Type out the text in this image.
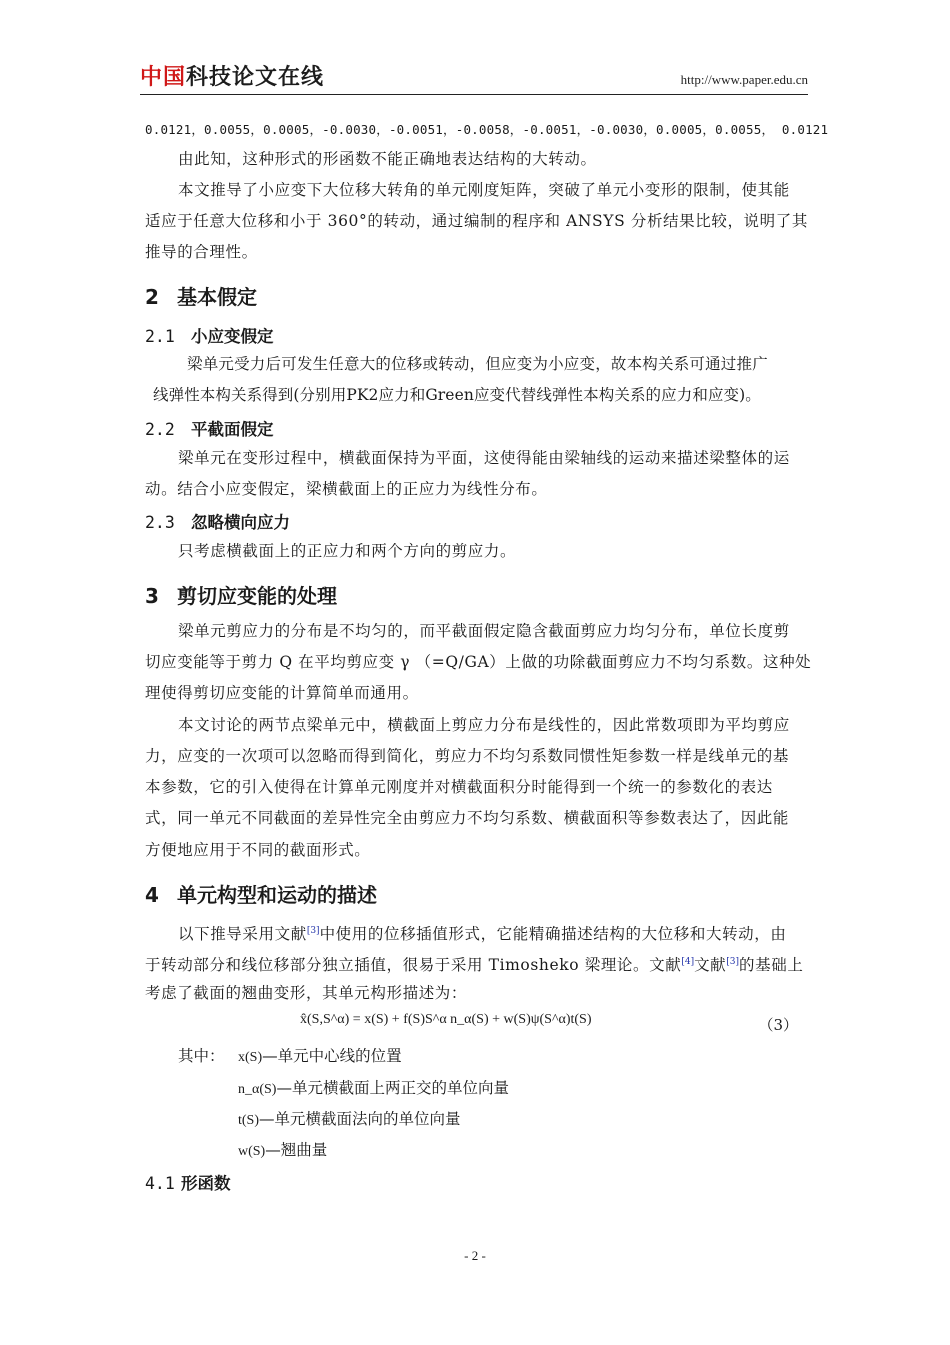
中国科技论文在线	http://www.paper.edu.cn
0.0121，0.0055，0.0005，-0.0030，-0.0051，-0.0058，-0.0051，-0.0030，0.0005，0.0055， 0.0121
由此知，这种形式的形函数不能正确地表达结构的大转动。
本文推导了小应变下大位移大转角的单元刚度矩阵，突破了单元小变形的限制，使其能
适应于任意大位移和小于 360°的转动，通过编制的程序和 ANSYS 分析结果比较，说明了其
推导的合理性。
2 基本假定
2.1 小应变假定
梁单元受力后可发生任意大的位移或转动，但应变为小应变，故本构关系可通过推广
线弹性本构关系得到(分别用PK2应力和Green应变代替线弹性本构关系的应力和应变)。
2.2 平截面假定
梁单元在变形过程中，横截面保持为平面，这使得能由梁轴线的运动来描述梁整体的运
动。结合小应变假定，梁横截面上的正应力为线性分布。
2.3 忽略横向应力
只考虑横截面上的正应力和两个方向的剪应力。
3 剪切应变能的处理
梁单元剪应力的分布是不均匀的，而平截面假定隐含截面剪应力均匀分布，单位长度剪
切应变能等于剪力 Q 在平均剪应变 γ （=Q/GA）上做的功除截面剪应力不均匀系数。这种处
理使得剪切应变能的计算简单而通用。
本文讨论的两节点梁单元中，横截面上剪应力分布是线性的，因此常数项即为平均剪应
力，应变的一次项可以忽略而得到简化，剪应力不均匀系数同惯性矩参数一样是线单元的基
本参数，它的引入使得在计算单元刚度并对横截面积分时能得到一个统一的参数化的表达
式，同一单元不同截面的差异性完全由剪应力不均匀系数、横截面积等参数表达了，因此能
方便地应用于不同的截面形式。
4 单元构型和运动的描述
以下推导采用文献[3]中使用的位移插值形式，它能精确描述结构的大位移和大转动，由
于转动部分和线位移部分独立插值，很易于采用 Timosheko 梁理论。文献[4]文献[3]的基础上
考虑了截面的翘曲变形，其单元构形描述为：
x̂(S,S^α) = x(S) + f(S)S^α n_α(S) + w(S)ψ(S^α)t(S)	（3）
其中： x(S)—单元中心线的位置
n_α(S)—单元横截面上两正交的单位向量
t(S)—单元横截面法向的单位向量
w(S)—翘曲量
4.1 形函数
- 2 -
